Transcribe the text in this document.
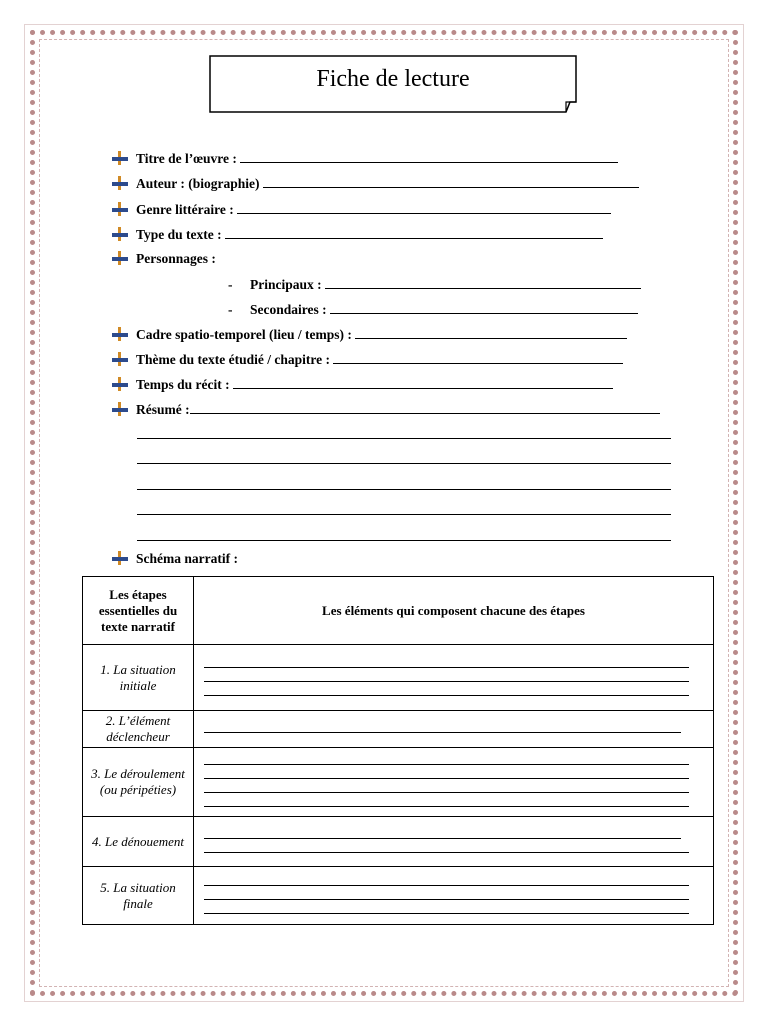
Fiche de lecture
Titre de l’œuvre :
Auteur : (biographie)
Genre littéraire :
Type du texte :
Personnages :
- Principaux :
- Secondaires :
Cadre spatio-temporel (lieu / temps) :
Thème du texte étudié / chapitre :
Temps du récit :
Résumé :
Schéma narratif :
Les étapes essentielles du texte narratif	Les éléments qui composent chacune des étapes
1. La situation initiale	

2. L’élément déclencheur	

3. Le déroulement (ou péripéties)	

4. Le dénouement	

5. La situation finale	
